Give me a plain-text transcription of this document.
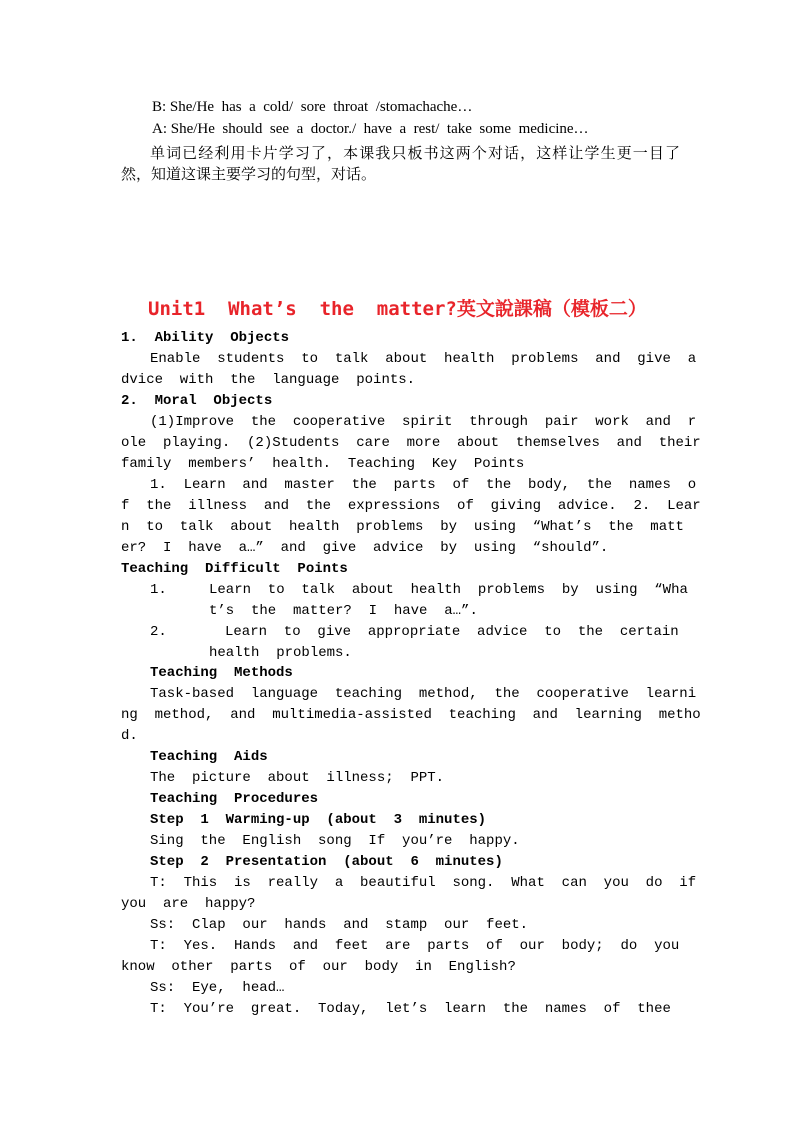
B: She/He  has  a  cold/  sore  throat  /stomachache…
A: She/He  should  see  a  doctor./  have  a  rest/  take  some  medicine…
单词已经利用卡片学习了，本课我只板书这两个对话，这样让学生更一目了
然，知道这课主要学习的句型，对话。
Unit1  What’s  the  matter?英文說課稿（模板二）
1.  Ability  Objects
Enable  students  to  talk  about  health  problems  and  give  a
dvice  with  the  language  points.
2.  Moral  Objects
(1)Improve  the  cooperative  spirit  through  pair  work  and  r
ole  playing.  (2)Students  care  more  about  themselves  and  their
family  members’  health.  Teaching  Key  Points
1.  Learn  and  master  the  parts  of  the  body,  the  names  o
f  the  illness  and  the  expressions  of  giving  advice.  2.  Lear
n  to  talk  about  health  problems  by  using  “What’s  the  matt
er?  I  have  a…”  and  give  advice  by  using  “should”.
Teaching  Difficult  Points
1.	Learn  to  talk  about  health  problems  by  using  “Wha
t’s  the  matter?  I  have  a…”.
2.	Learn  to  give  appropriate  advice  to  the  certain
health  problems.
Teaching  Methods
Task-based  language  teaching  method,  the  cooperative  learni
ng  method,  and  multimedia-assisted  teaching  and  learning  metho
d.
Teaching  Aids
The  picture  about  illness;  PPT.
Teaching  Procedures
Step  1  Warming-up  (about  3  minutes)
Sing  the  English  song  If  you’re  happy.
Step  2  Presentation  (about  6  minutes)
T:  This  is  really  a  beautiful  song.  What  can  you  do  if
you  are  happy?
Ss:  Clap  our  hands  and  stamp  our  feet.
T:  Yes.  Hands  and  feet  are  parts  of  our  body;  do  you
know  other  parts  of  our  body  in  English?
Ss:  Eye,  head…
T:  You’re  great.  Today,  let’s  learn  the  names  of  thee
